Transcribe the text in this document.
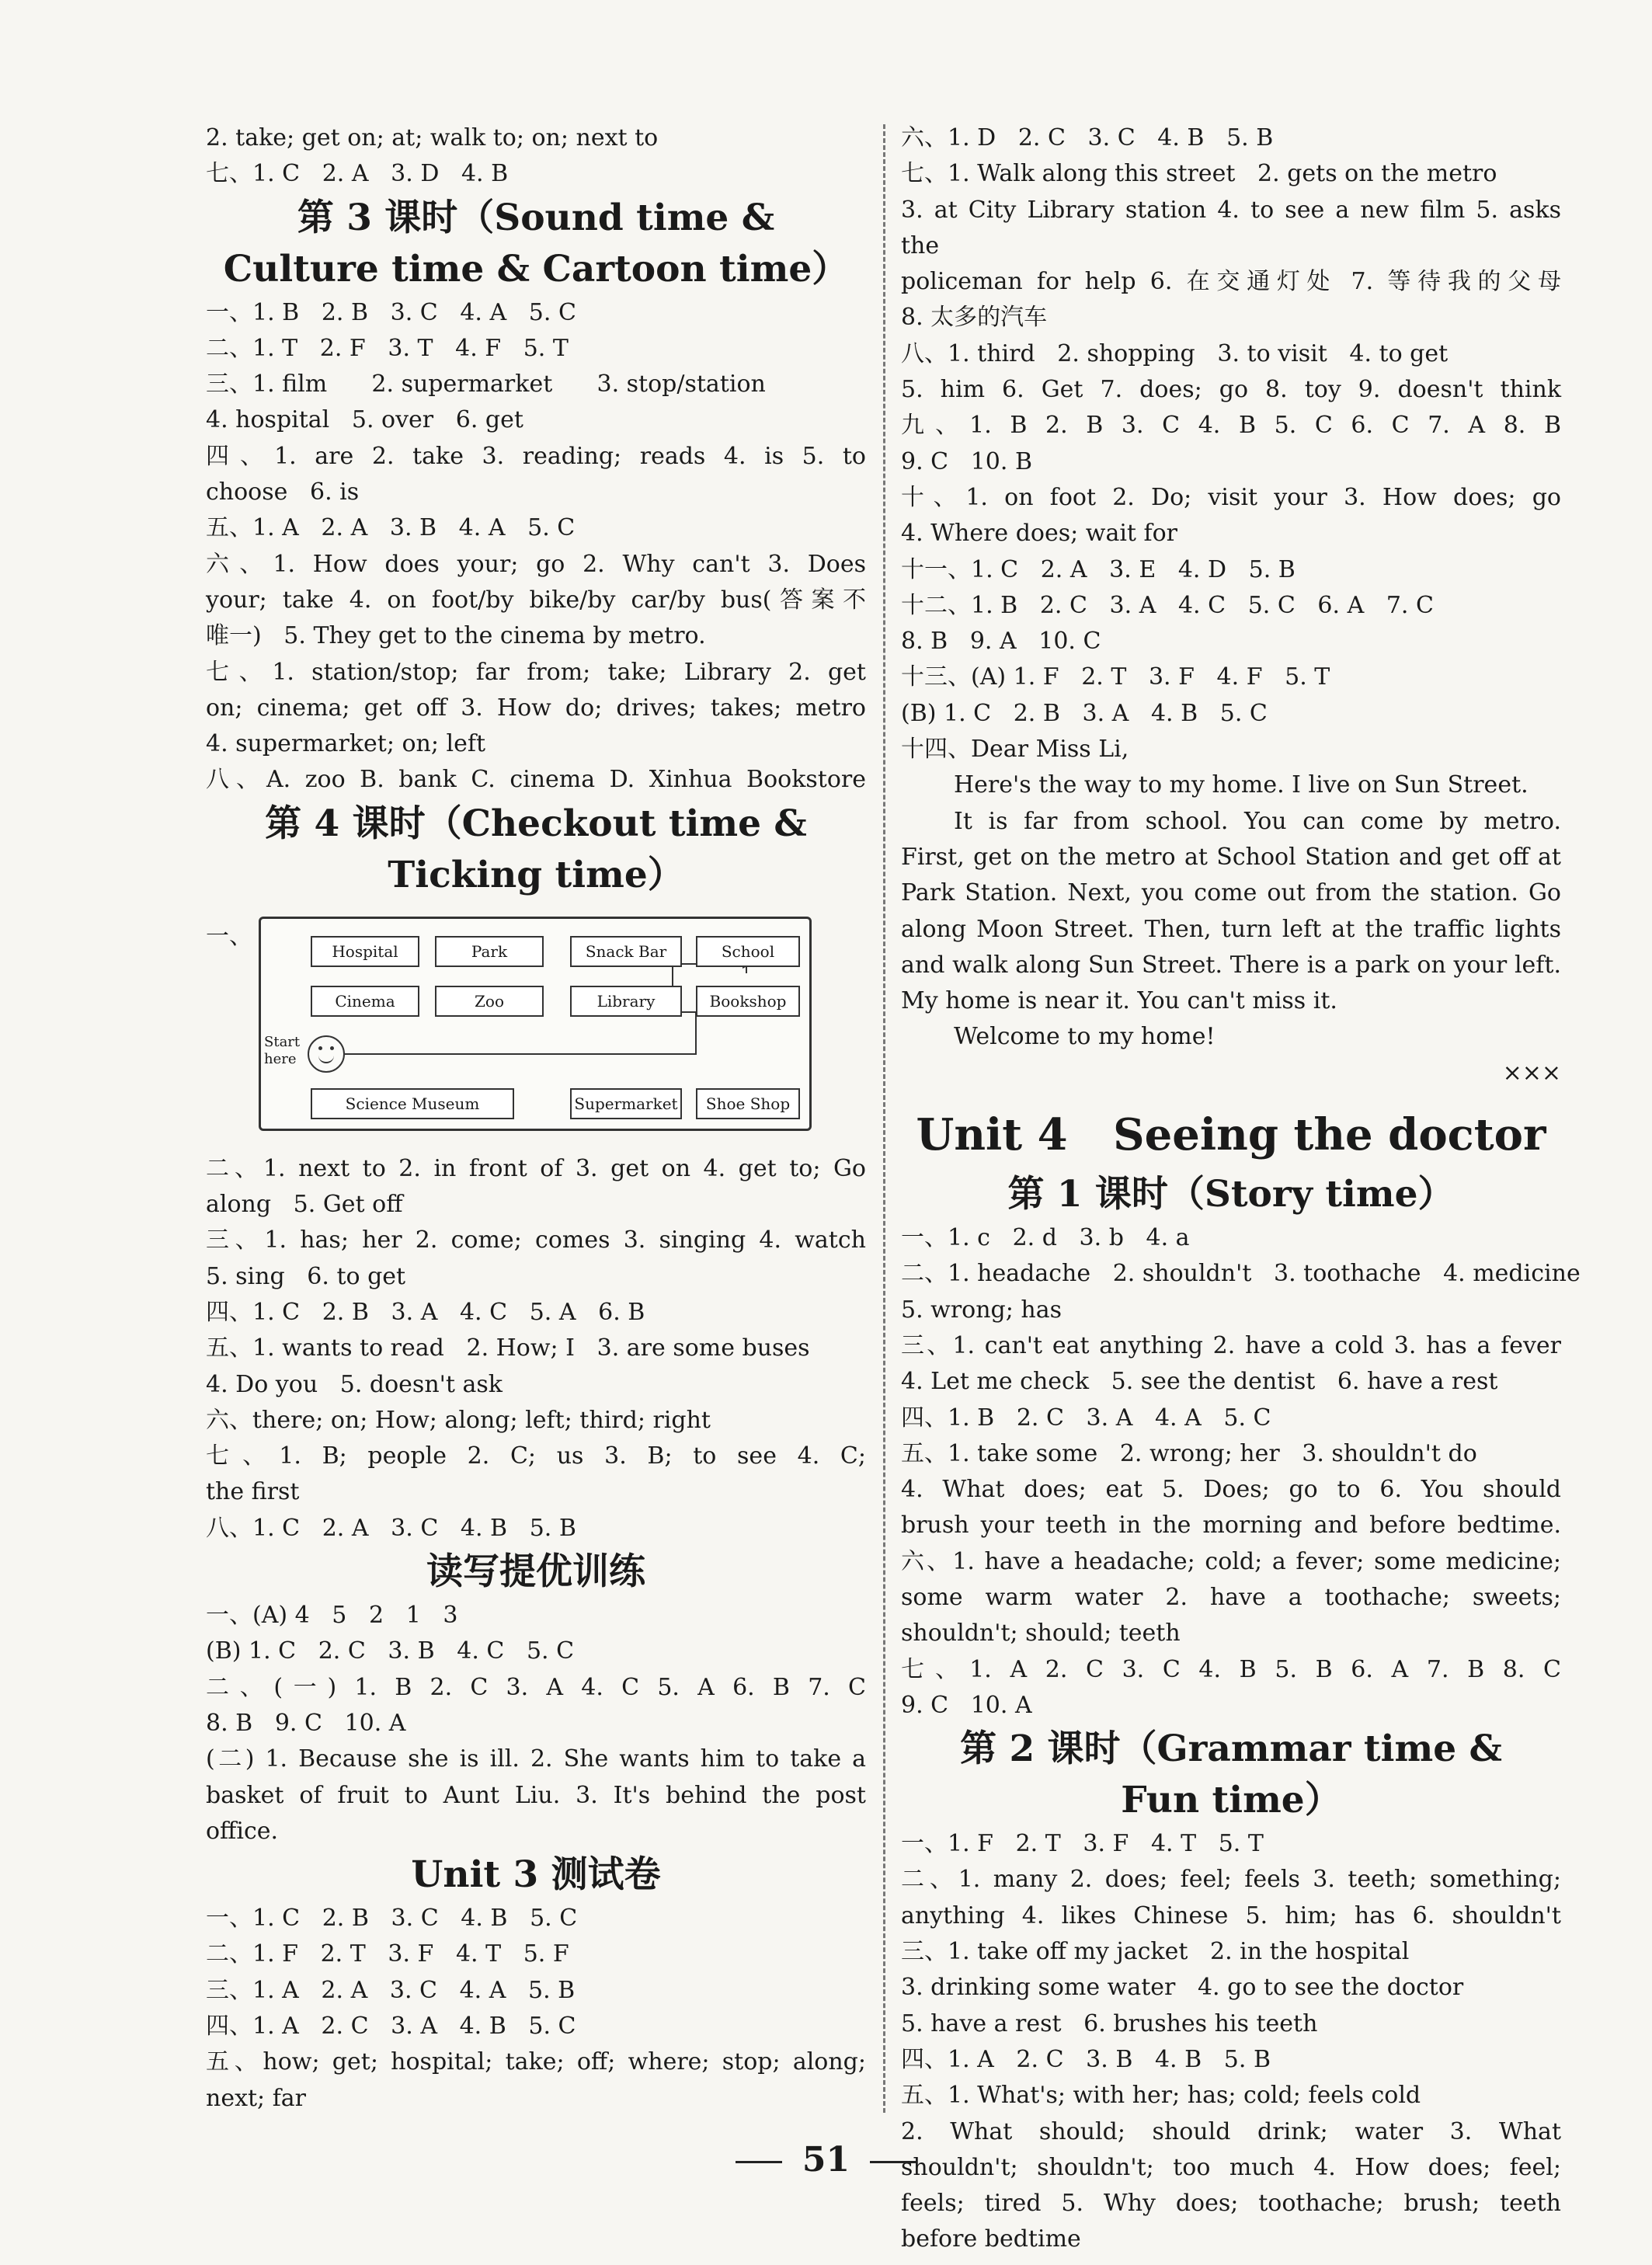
2. take; get on; at; walk to; on; next to
七、1. C   2. A   3. D   4. B
第 3 课时（Sound time &
Culture time & Cartoon time）
一、1. B   2. B   3. C   4. A   5. C
二、1. T   2. F   3. T   4. F   5. T
三、1. film      2. supermarket      3. stop/station
4. hospital   5. over   6. get
四、1. are 2. take 3. reading; reads 4. is 5. to
choose   6. is
五、1. A   2. A   3. B   4. A   5. C
六、1. How does your; go 2. Why can't 3. Does
your; take 4. on foot/by bike/by car/by bus(答案不
唯一)   5. They get to the cinema by metro.
七、1. station/stop; far from; take; Library 2. get
on; cinema; get off 3. How do; drives; takes; metro
4. supermarket; on; left
八、A. zoo B. bank C. cinema D. Xinhua Bookstore
第 4 课时（Checkout time &
Ticking time）
一、
Start here
Hospital	Park	Snack Bar	School
Cinema	Zoo	Library	Bookshop
Science Museum	Supermarket	Shoe Shop
二、1. next to 2. in front of 3. get on 4. get to; Go
along   5. Get off
三、1. has; her 2. come; comes 3. singing 4. watch
5. sing   6. to get
四、1. C   2. B   3. A   4. C   5. A   6. B
五、1. wants to read   2. How; I   3. are some buses
4. Do you   5. doesn't ask
六、there; on; How; along; left; third; right
七、1. B; people 2. C; us 3. B; to see 4. C;
the first
八、1. C   2. A   3. C   4. B   5. B
读写提优训练
一、(A) 4   5   2   1   3
(B) 1. C   2. C   3. B   4. C   5. C
二、(一) 1. B 2. C 3. A 4. C 5. A 6. B 7. C
8. B   9. C   10. A
(二) 1. Because she is ill. 2. She wants him to take a
basket of fruit to Aunt Liu. 3. It's behind the post
office.
Unit 3 测试卷
一、1. C   2. B   3. C   4. B   5. C
二、1. F   2. T   3. F   4. T   5. F
三、1. A   2. A   3. C   4. A   5. B
四、1. A   2. C   3. A   4. B   5. C
五、how; get; hospital; take; off; where; stop; along;
next; far
六、1. D   2. C   3. C   4. B   5. B
七、1. Walk along this street   2. gets on the metro
3. at City Library station 4. to see a new film 5. asks the
policeman for help 6. 在交通灯处 7. 等待我的父母
8. 太多的汽车
八、1. third   2. shopping   3. to visit   4. to get
5. him 6. Get 7. does; go 8. toy 9. doesn't think
九、1. B 2. B 3. C 4. B 5. C 6. C 7. A 8. B
9. C   10. B
十、1. on foot 2. Do; visit your 3. How does; go
4. Where does; wait for
十一、1. C   2. A   3. E   4. D   5. B
十二、1. B   2. C   3. A   4. C   5. C   6. A   7. C
8. B   9. A   10. C
十三、(A) 1. F   2. T   3. F   4. F   5. T
(B) 1. C   2. B   3. A   4. B   5. C
十四、Dear Miss Li,
Here's the way to my home. I live on Sun Street.
It is far from school. You can come by metro.
First, get on the metro at School Station and get off at
Park Station. Next, you come out from the station. Go
along Moon Street. Then, turn left at the traffic lights
and walk along Sun Street. There is a park on your left.
My home is near it. You can't miss it.
Welcome to my home!
×××
Unit 4   Seeing the doctor
第 1 课时（Story time）
一、1. c   2. d   3. b   4. a
二、1. headache   2. shouldn't   3. toothache   4. medicine
5. wrong; has
三、1. can't eat anything 2. have a cold 3. has a fever
4. Let me check   5. see the dentist   6. have a rest
四、1. B   2. C   3. A   4. A   5. C
五、1. take some   2. wrong; her   3. shouldn't do
4. What does; eat 5. Does; go to 6. You should
brush your teeth in the morning and before bedtime.
六、1. have a headache; cold; a fever; some medicine;
some warm water 2. have a toothache; sweets;
shouldn't; should; teeth
七、1. A 2. C 3. C 4. B 5. B 6. A 7. B 8. C
9. C   10. A
第 2 课时（Grammar time &
Fun time）
一、1. F   2. T   3. F   4. T   5. T
二、1. many 2. does; feel; feels 3. teeth; something;
anything 4. likes Chinese 5. him; has 6. shouldn't
三、1. take off my jacket   2. in the hospital
3. drinking some water   4. go to see the doctor
5. have a rest   6. brushes his teeth
四、1. A   2. C   3. B   4. B   5. B
五、1. What's; with her; has; cold; feels cold
2. What should; should drink; water 3. What
shouldn't; shouldn't; too much 4. How does; feel;
feels; tired 5. Why does; toothache; brush; teeth
before bedtime
51
